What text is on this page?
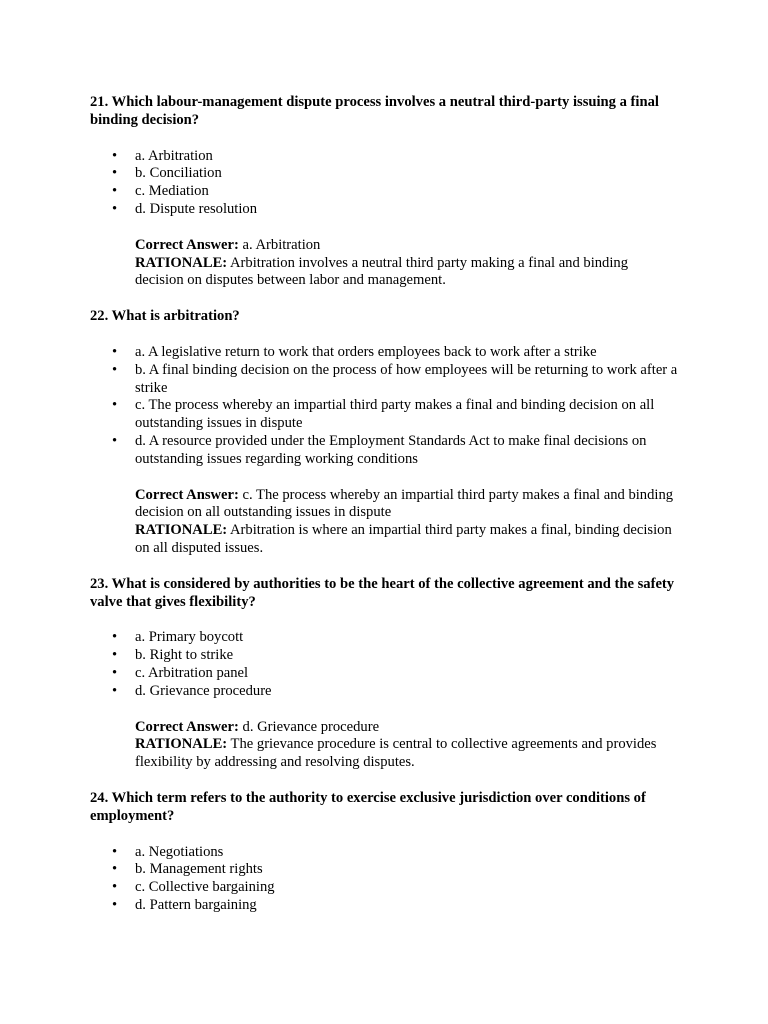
21. Which labour-management dispute process involves a neutral third-party issuing a final binding decision?
• a. Arbitration
• b. Conciliation
• c. Mediation
• d. Dispute resolution
Correct Answer: a. Arbitration
RATIONALE: Arbitration involves a neutral third party making a final and binding decision on disputes between labor and management.
22. What is arbitration?
• a. A legislative return to work that orders employees back to work after a strike
• b. A final binding decision on the process of how employees will be returning to work after a strike
• c. The process whereby an impartial third party makes a final and binding decision on all outstanding issues in dispute
• d. A resource provided under the Employment Standards Act to make final decisions on outstanding issues regarding working conditions
Correct Answer: c. The process whereby an impartial third party makes a final and binding decision on all outstanding issues in dispute
RATIONALE: Arbitration is where an impartial third party makes a final, binding decision on all disputed issues.
23. What is considered by authorities to be the heart of the collective agreement and the safety valve that gives flexibility?
• a. Primary boycott
• b. Right to strike
• c. Arbitration panel
• d. Grievance procedure
Correct Answer: d. Grievance procedure
RATIONALE: The grievance procedure is central to collective agreements and provides flexibility by addressing and resolving disputes.
24. Which term refers to the authority to exercise exclusive jurisdiction over conditions of employment?
• a. Negotiations
• b. Management rights
• c. Collective bargaining
• d. Pattern bargaining
